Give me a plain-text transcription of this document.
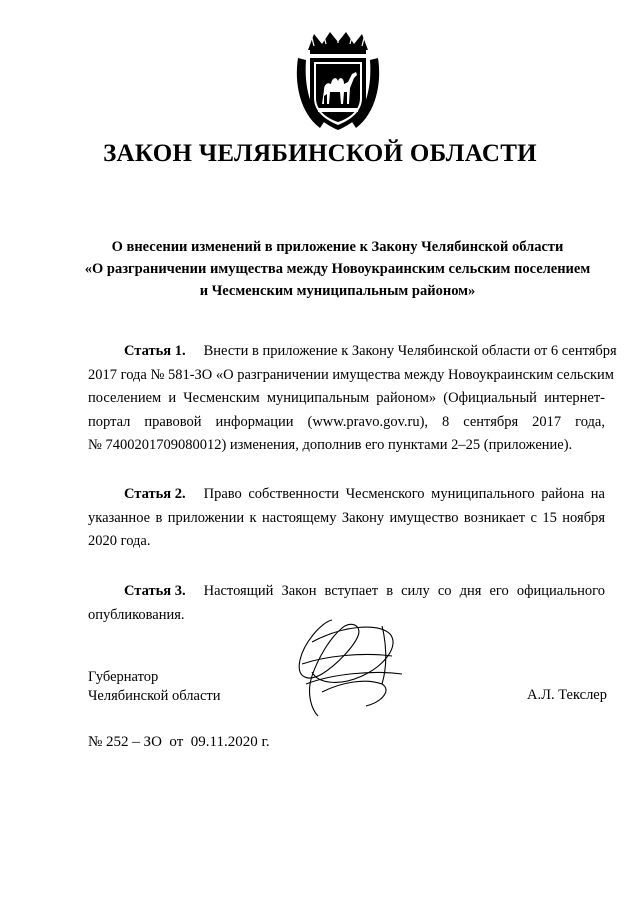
ЗАКОН ЧЕЛЯБИНСКОЙ ОБЛАСТИ
О внесении изменений в приложение к Закону Челябинской области
«О разграничении имущества между Новоукраинским сельским поселением
и Чесменским муниципальным районом»
Статья 1. Внести в приложение к Закону Челябинской области от 6 сентября
2017 года № 581-ЗО «О разграничении имущества между Новоукраинским сельским
поселением и Чесменским муниципальным районом» (Официальный интернет-
портал правовой информации (www.pravo.gov.ru), 8 сентября 2017 года,
№ 7400201709080012) изменения, дополнив его пунктами 2–25 (приложение).
Статья 2. Право собственности Чесменского муниципального района на
указанное в приложении к настоящему Закону имущество возникает с 15 ноября
2020 года.
Статья 3. Настоящий Закон вступает в силу со дня его официального
опубликования.
Губернатор
Челябинской области	А.Л. Текслер
№ 252 – ЗО  от  09.11.2020 г.
